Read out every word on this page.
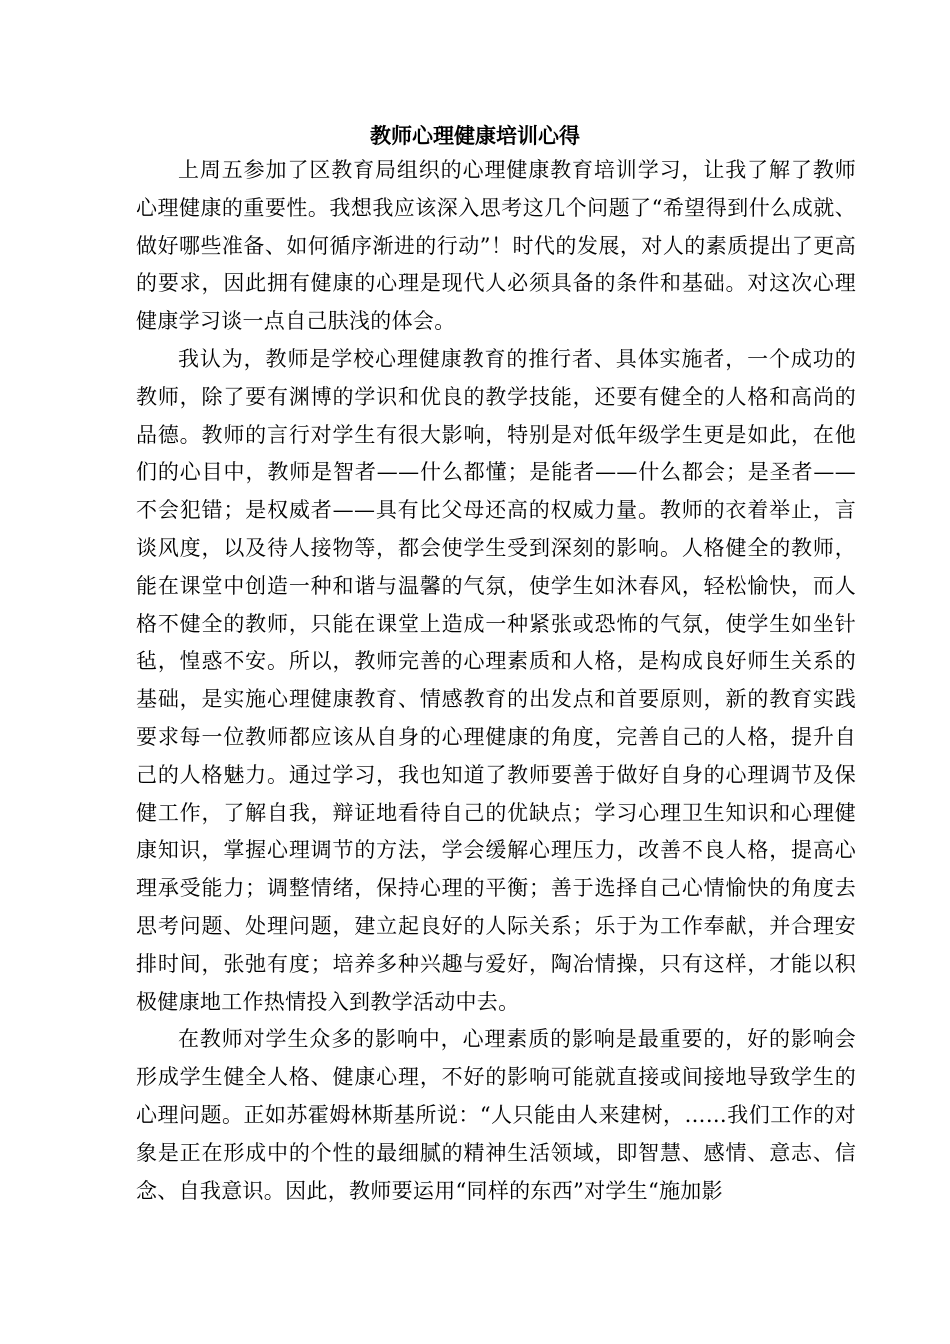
教师心理健康培训心得

上周五参加了区教育局组织的心理健康教育培训学习，让我了解了教师心理健康的重要性。我想我应该深入思考这几个问题了“希望得到什么成就、做好哪些准备、如何循序渐进的行动”！时代的发展，对人的素质提出了更高的要求，因此拥有健康的心理是现代人必须具备的条件和基础。对这次心理健康学习谈一点自己肤浅的体会。

我认为，教师是学校心理健康教育的推行者、具体实施者，一个成功的教师，除了要有渊博的学识和优良的教学技能，还要有健全的人格和高尚的品德。教师的言行对学生有很大影响，特别是对低年级学生更是如此，在他们的心目中，教师是智者——什么都懂；是能者——什么都会；是圣者——不会犯错；是权威者——具有比父母还高的权威力量。教师的衣着举止，言谈风度，以及待人接物等，都会使学生受到深刻的影响。人格健全的教师，能在课堂中创造一种和谐与温馨的气氛，使学生如沐春风，轻松愉快，而人格不健全的教师，只能在课堂上造成一种紧张或恐怖的气氛，使学生如坐针毡，惶惑不安。所以，教师完善的心理素质和人格，是构成良好师生关系的基础，是实施心理健康教育、情感教育的出发点和首要原则，新的教育实践要求每一位教师都应该从自身的心理健康的角度，完善自己的人格，提升自己的人格魅力。通过学习，我也知道了教师要善于做好自身的心理调节及保健工作，了解自我，辩证地看待自己的优缺点；学习心理卫生知识和心理健康知识，掌握心理调节的方法，学会缓解心理压力，改善不良人格，提高心理承受能力；调整情绪，保持心理的平衡；善于选择自己心情愉快的角度去思考问题、处理问题，建立起良好的人际关系；乐于为工作奉献，并合理安排时间，张弛有度；培养多种兴趣与爱好，陶冶情操，只有这样，才能以积极健康地工作热情投入到教学活动中去。

在教师对学生众多的影响中，心理素质的影响是最重要的，好的影响会形成学生健全人格、健康心理，不好的影响可能就直接或间接地导致学生的心理问题。正如苏霍姆林斯基所说：“人只能由人来建树，……我们工作的对象是正在形成中的个性的最细腻的精神生活领域，即智慧、感情、意志、信念、自我意识。因此，教师要运用“同样的东西”对学生“施加影
